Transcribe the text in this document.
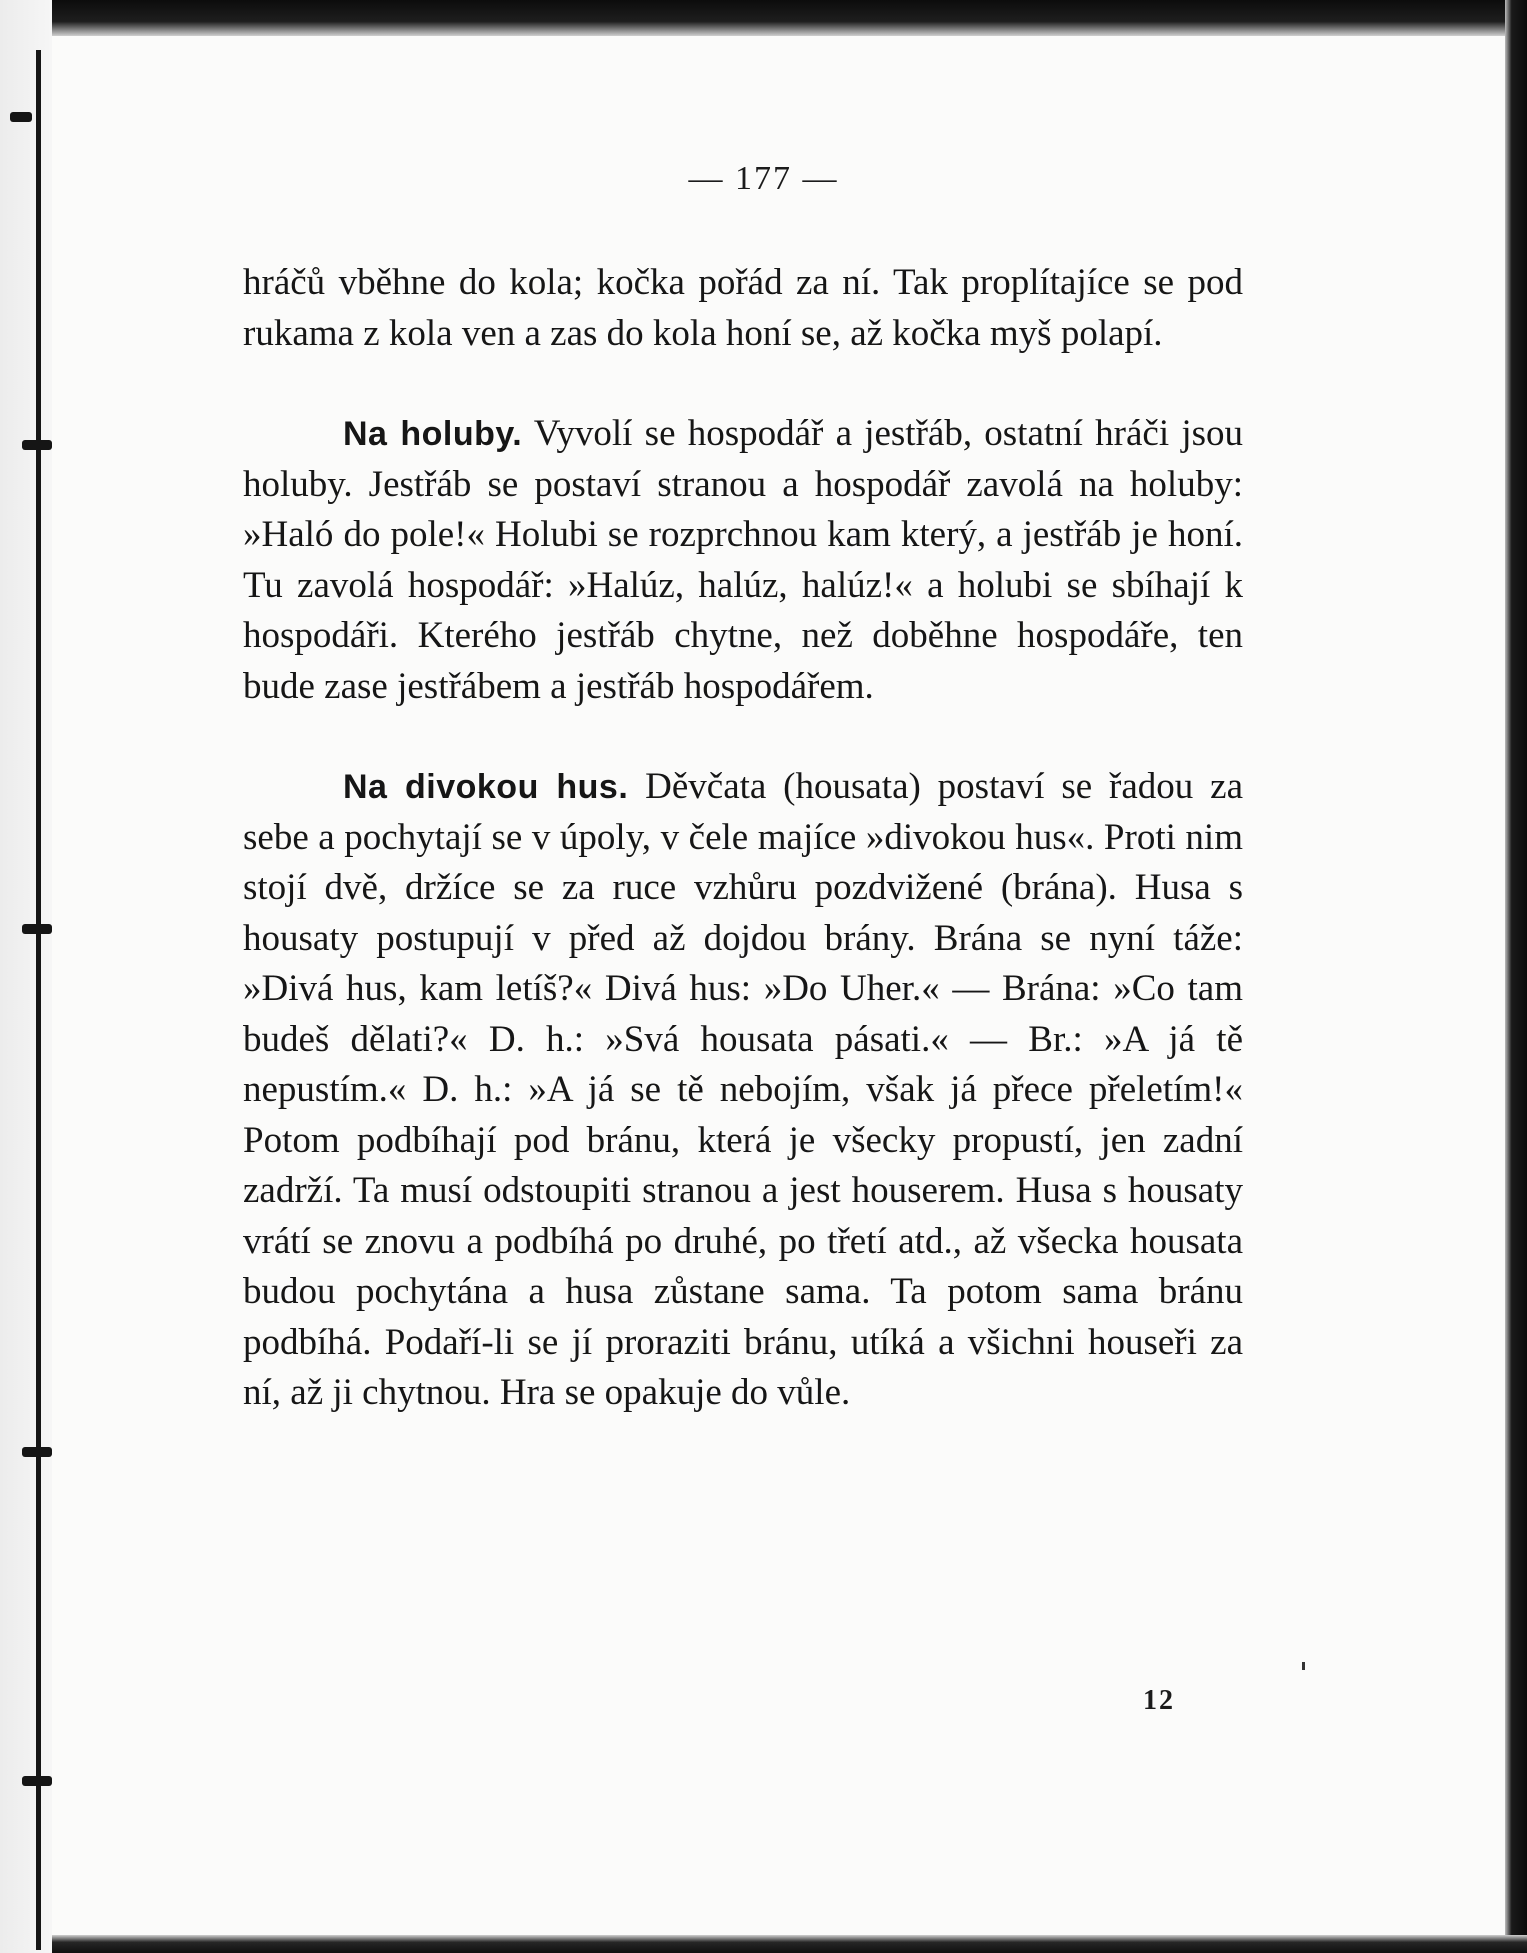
— 177 —

hráčů vběhne do kola; kočka pořád za ní. Tak proplítajíce se pod rukama z kola ven a zas do kola honí se, až kočka myš polapí.

Na holuby. Vyvolí se hospodář a jestřáb, ostatní hráči jsou holuby. Jestřáb se postaví stranou a hospodář zavolá na holuby: »Haló do pole!« Holubi se rozprchnou kam který, a jestřáb je honí. Tu zavolá hospodář: »Halúz, halúz, halúz!« a holubi se sbíhají k hospodáři. Kterého jestřáb chytne, než doběhne hospodáře, ten bude zase jestřábem a jestřáb hospodářem.

Na divokou hus. Děvčata (housata) postaví se řadou za sebe a pochytají se v úpoly, v čele majíce »divokou hus«. Proti nim stojí dvě, držíce se za ruce vzhůru pozdvižené (brána). Husa s housaty postupují v před až dojdou brány. Brána se nyní táže: »Divá hus, kam letíš?« Divá hus: »Do Uher.« — Brána: »Co tam budeš dělati?« D. h.: »Svá housata pásati.« — Br.: »A já tě nepustím.« D. h.: »A já se tě nebojím, však já přece přeletím!« Potom podbíhají pod bránu, která je všecky propustí, jen zadní zadrží. Ta musí odstoupiti stranou a jest houserem. Husa s housaty vrátí se znovu a podbíhá po druhé, po třetí atd., až všecka housata budou pochytána a husa zůstane sama. Ta potom sama bránu podbíhá. Podaří-li se jí proraziti bránu, utíká a všichni houseři za ní, až ji chytnou. Hra se opakuje do vůle.

12
